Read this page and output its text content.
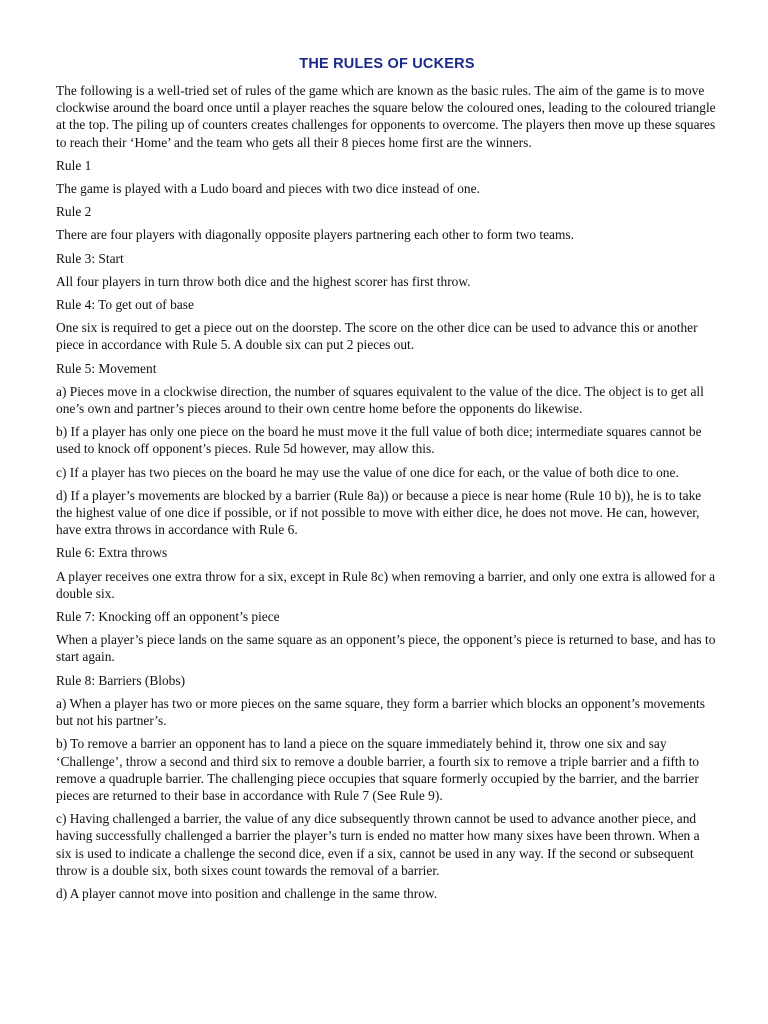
THE RULES OF UCKERS

The following is a well-tried set of rules of the game which are known as the basic rules. The aim of the game is to move clockwise around the board once until a player reaches the square below the coloured ones, leading to the coloured triangle at the top. The piling up of counters creates challenges for opponents to overcome. The players then move up these squares to reach their ‘Home’ and the team who gets all their 8 pieces home first are the winners.

Rule 1

The game is played with a Ludo board and pieces with two dice instead of one.

Rule 2

There are four players with diagonally opposite players partnering each other to form two teams.

Rule 3: Start

All four players in turn throw both dice and the highest scorer has first throw.

Rule 4: To get out of base

One six is required to get a piece out on the doorstep. The score on the other dice can be used to advance this or another piece in accordance with Rule 5. A double six can put 2 pieces out.

Rule 5: Movement

a) Pieces move in a clockwise direction, the number of squares equivalent to the value of the dice. The object is to get all one’s own and partner’s pieces around to their own centre home before the opponents do likewise.

b) If a player has only one piece on the board he must move it the full value of both dice; intermediate squares cannot be used to knock off opponent’s pieces. Rule 5d however, may allow this.

c) If a player has two pieces on the board he may use the value of one dice for each, or the value of both dice to one.

d) If a player’s movements are blocked by a barrier (Rule 8a)) or because a piece is near home (Rule 10 b)), he is to take the highest value of one dice if possible, or if not possible to move with either dice, he does not move. He can, however, have extra throws in accordance with Rule 6.

Rule 6: Extra throws

A player receives one extra throw for a six, except in Rule 8c) when removing a barrier, and only one extra is allowed for a double six.

Rule 7: Knocking off an opponent’s piece

When a player’s piece lands on the same square as an opponent’s piece, the opponent’s piece is returned to base, and has to start again.

Rule 8: Barriers (Blobs)

a) When a player has two or more pieces on the same square, they form a barrier which blocks an opponent’s movements but not his partner’s.

b) To remove a barrier an opponent has to land a piece on the square immediately behind it, throw one six and say ‘Challenge’, throw a second and third six to remove a double barrier, a fourth six to remove a triple barrier and a fifth to remove a quadruple barrier. The challenging piece occupies that square formerly occupied by the barrier, and the barrier pieces are returned to their base in accordance with Rule 7 (See Rule 9).

c) Having challenged a barrier, the value of any dice subsequently thrown cannot be used to advance another piece, and having successfully challenged a barrier the player’s turn is ended no matter how many sixes have been thrown. When a six is used to indicate a challenge the second dice, even if a six, cannot be used in any way. If the second or subsequent throw is a double six, both sixes count towards the removal of a barrier.

d) A player cannot move into position and challenge in the same throw.
